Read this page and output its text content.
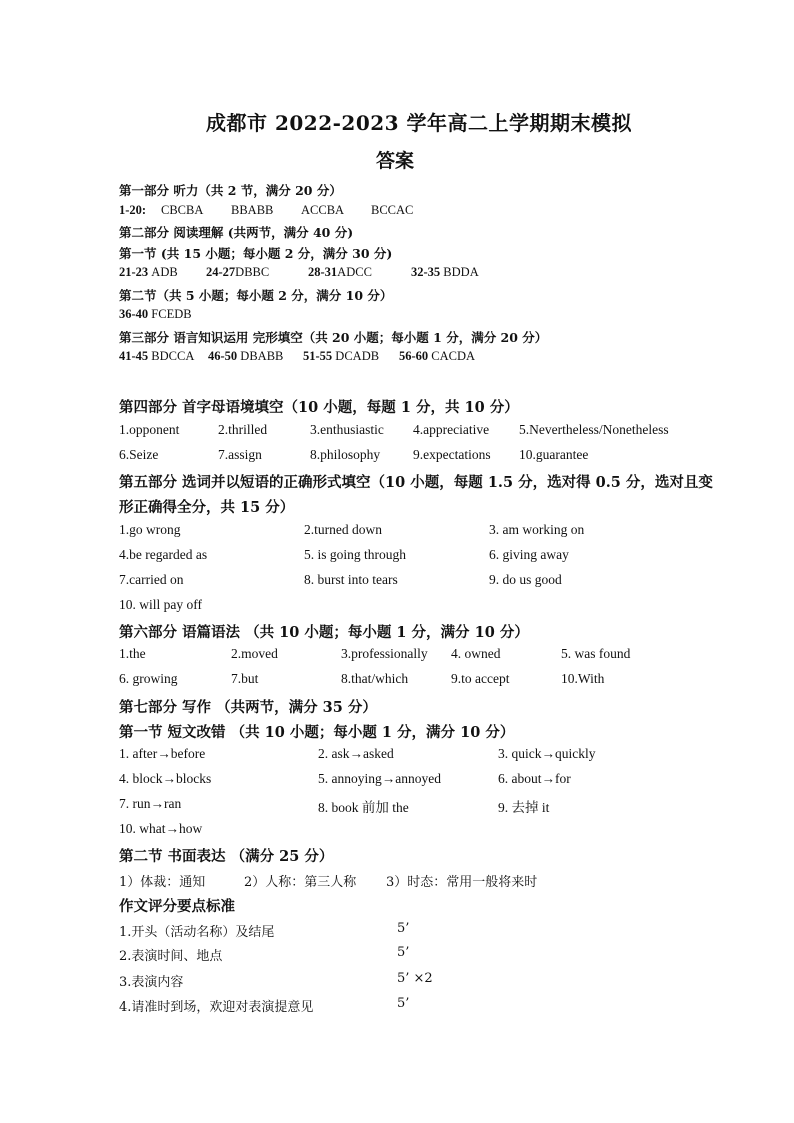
成都市 2022-2023 学年高二上学期期末模拟
答案
第一部分 听力（共 2 节，满分 20 分）
1-20: CBCBA BBABB ACCBA BCCAC
第二部分 阅读理解 (共两节，满分 40 分)
第一节 (共 15 小题；每小题 2 分，满分 30 分)
21-23 ADB 24-27DBBC	28-31ADCC	32-35 BDDA
第二节（共 5 小题；每小题 2 分，满分 10 分）
36-40 FCEDB
第三部分 语言知识运用 完形填空（共 20 小题；每小题 1 分，满分 20 分）
41-45 BDCCA 46-50 DBABB 51-55 DCADB 56-60 CACDA
第四部分 首字母语境填空（10 小题，每题 1 分，共 10 分）
1.opponent	2.thrilled	3.enthusiastic 4.appreciative 5.Nevertheless/Nonetheless
6.Seize	7.assign	8.philosophy 9.expectations 10.guarantee
第五部分 选词并以短语的正确形式填空（10 小题，每题 1.5 分，选对得 0.5 分，选对且变
形正确得全分，共 15 分）
1.go wrong	2.turned down	3. am working on
4.be regarded as	5. is going through	6. giving away
7.carried on	8. burst into tears	9. do us good
10. will pay off
第六部分 语篇语法 （共 10 小题；每小题 1 分，满分 10 分）
1.the	2.moved	3.professionally 4. owned	5. was found
6. growing	7.but	8.that/which	9.to accept	10.With
第七部分 写作 （共两节，满分 35 分）
第一节 短文改错 （共 10 小题；每小题 1 分，满分 10 分）
1. after→before	2. ask→asked	3. quick→quickly
4. block→blocks	5. annoying→annoyed	6. about→for
7. run→ran	8. book 前加 the	9. 去掉 it
10. what→how
第二节 书面表达 （满分 25 分）
1）体裁：通知	2）人称：第三人称 3）时态：常用一般将来时
作文评分要点标准
1.开头（活动名称）及结尾	5’
2.表演时间、地点	5’
3.表演内容	5’ ×2
4.请准时到场，欢迎对表演提意见	5’
